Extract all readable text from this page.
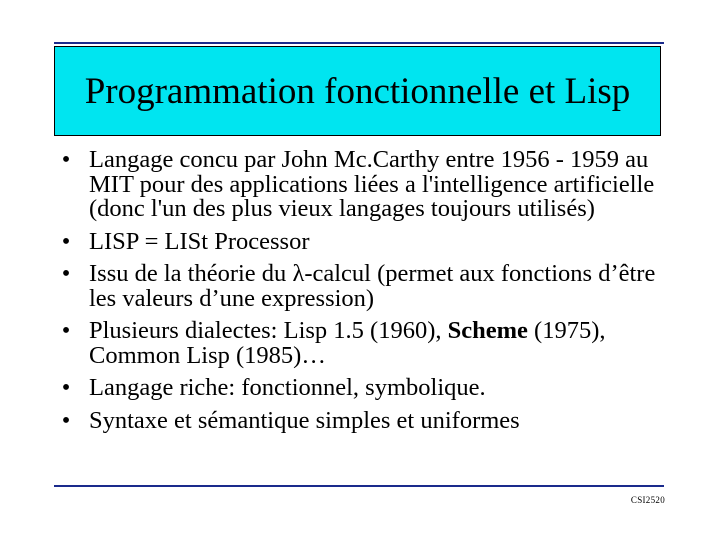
Programmation fonctionnelle et Lisp
• Langage concu par John Mc.Carthy entre 1956 - 1959 au MIT pour des applications liées a l'intelligence artificielle (donc l'un des plus vieux langages toujours utilisés)
• LISP = LISt Processor
• Issu de la théorie du λ-calcul (permet aux fonctions d’être les valeurs d’une expression)
• Plusieurs dialectes: Lisp 1.5 (1960), Scheme (1975), Common Lisp (1985)…
• Langage riche: fonctionnel, symbolique.
• Syntaxe et sémantique simples et uniformes
CSI2520
